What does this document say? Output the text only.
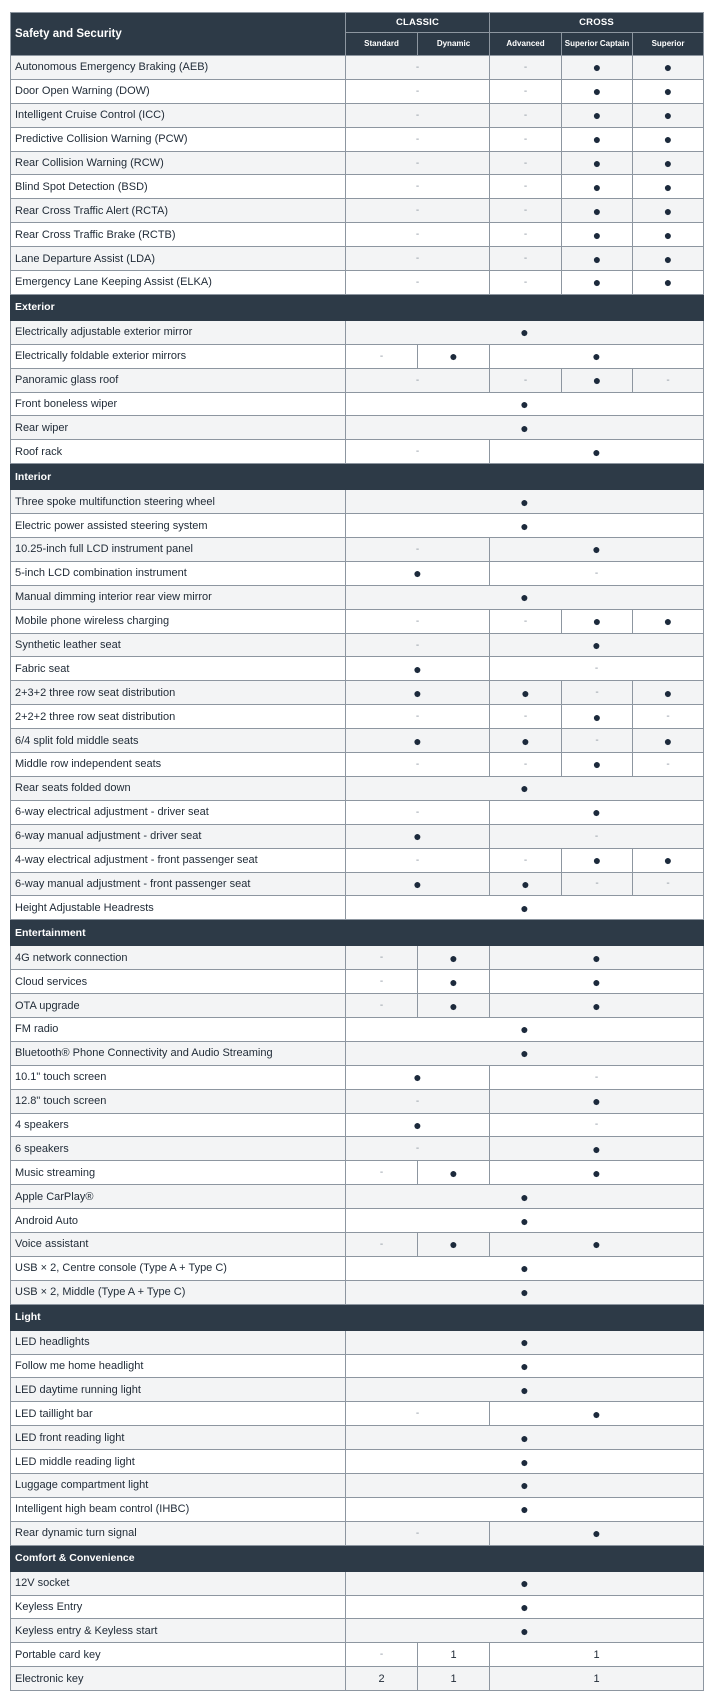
Safety and Security	CLASSIC		CROSS		
	Standard	Dynamic	Advanced	Superior Captain	Superior
Autonomous Emergency Braking (AEB)	-		-	●	●
Door Open Warning (DOW)	-		-	●	●
Intelligent Cruise Control (ICC)	-		-	●	●
Predictive Collision Warning (PCW)	-		-	●	●
Rear Collision Warning (RCW)	-		-	●	●
Blind Spot Detection (BSD)	-		-	●	●
Rear Cross Traffic Alert (RCTA)	-		-	●	●
Rear Cross Traffic Brake (RCTB)	-		-	●	●
Lane Departure Assist (LDA)	-		-	●	●
Emergency Lane Keeping Assist (ELKA)	-		-	●	●
Exterior					
Electrically adjustable exterior mirror	●				
Electrically foldable exterior mirrors	-	●	●		
Panoramic glass roof	-		-	●	-
Front boneless wiper	●				
Rear wiper	●				
Roof rack	-		●		
Interior					
Three spoke multifunction steering wheel	●				
Electric power assisted steering system	●				
10.25-inch full LCD instrument panel	-		●		
5-inch LCD combination instrument	●		-		
Manual dimming interior rear view mirror	●				
Mobile phone wireless charging	-		-	●	●
Synthetic leather seat	-		●		
Fabric seat	●		-		
2+3+2 three row seat distribution	●		●	-	●
2+2+2 three row seat distribution	-		-	●	-
6/4 split fold middle seats	●		●	-	●
Middle row independent seats	-		-	●	-
Rear seats folded down	●				
6-way electrical adjustment - driver seat	-		●		
6-way manual adjustment - driver seat	●		-		
4-way electrical adjustment - front passenger seat	-		-	●	●
6-way manual adjustment - front passenger seat	●		●	-	-
Height Adjustable Headrests	●				
Entertainment					
4G network connection	-	●	●		
Cloud services	-	●	●		
OTA upgrade	-	●	●		
FM radio	●				
Bluetooth® Phone Connectivity and Audio Streaming	●				
10.1" touch screen	●		-		
12.8" touch screen	-		●		
4 speakers	●		-		
6 speakers	-		●		
Music streaming	-	●	●		
Apple CarPlay®	●				
Android Auto	●				
Voice assistant	-	●	●		
USB × 2, Centre console (Type A + Type C)	●				
USB × 2, Middle (Type A + Type C)	●				
Light					
LED headlights	●				
Follow me home headlight	●				
LED daytime running light	●				
LED taillight bar	-		●		
LED front reading light	●				
LED middle reading light	●				
Luggage compartment light	●				
Intelligent high beam control (IHBC)	●				
Rear dynamic turn signal	-		●		
Comfort & Convenience					
12V socket	●				
Keyless Entry	●				
Keyless entry & Keyless start	●				
Portable card key	-	1	1		
Electronic key	2	1	1		
